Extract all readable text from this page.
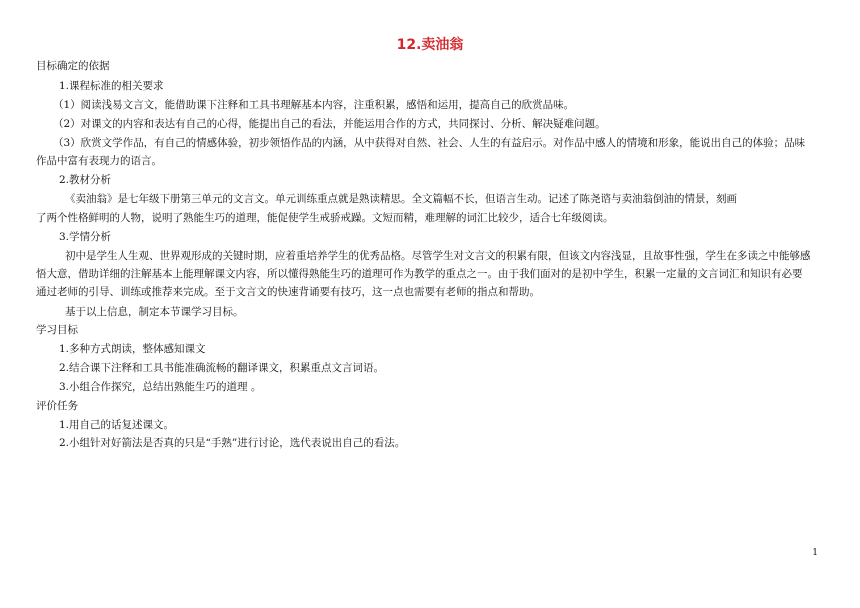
12.卖油翁
目标确定的依据
1.课程标准的相关要求
（1）阅读浅易文言文，能借助课下注释和工具书理解基本内容，注重积累，感悟和运用，提高自己的欣赏品味。
（2）对课文的内容和表达有自己的心得，能提出自己的看法，并能运用合作的方式，共同探讨、分析、解决疑难问题。
（3）欣赏文学作品，有自己的情感体验，初步领悟作品的内涵，从中获得对自然、社会、人生的有益启示。对作品中感人的情境和形象，能说出自己的体验；品味
作品中富有表现力的语言。
2.教材分析
《卖油翁》是七年级下册第三单元的文言文。单元训练重点就是熟读精思。全文篇幅不长，但语言生动。记述了陈尧谘与卖油翁倒油的情景，刻画
了两个性格鲜明的人物，说明了熟能生巧的道理，能促使学生戒骄戒躁。文短而精，难理解的词汇比较少，适合七年级阅读。
3.学情分析
初中是学生人生观、世界观形成的关键时期，应着重培养学生的优秀品格。尽管学生对文言文的积累有限，但该文内容浅显，且故事性强，学生在多读之中能够感
悟大意，借助详细的注解基本上能理解课文内容，所以懂得熟能生巧的道理可作为教学的重点之一。由于我们面对的是初中学生，积累一定量的文言词汇和知识有必要
通过老师的引导、训练或推荐来完成。至于文言文的快速背诵要有技巧，这一点也需要有老师的指点和帮助。
基于以上信息，制定本节课学习目标。
学习目标
1.多种方式朗读，整体感知课文
2.结合课下注释和工具书能准确流畅的翻译课文，积累重点文言词语。
3.小组合作探究，总结出熟能生巧的道理 。
评价任务
1.用自己的话复述课文。
2.小组针对好箭法是否真的只是“手熟”进行讨论，选代表说出自己的看法。
1
